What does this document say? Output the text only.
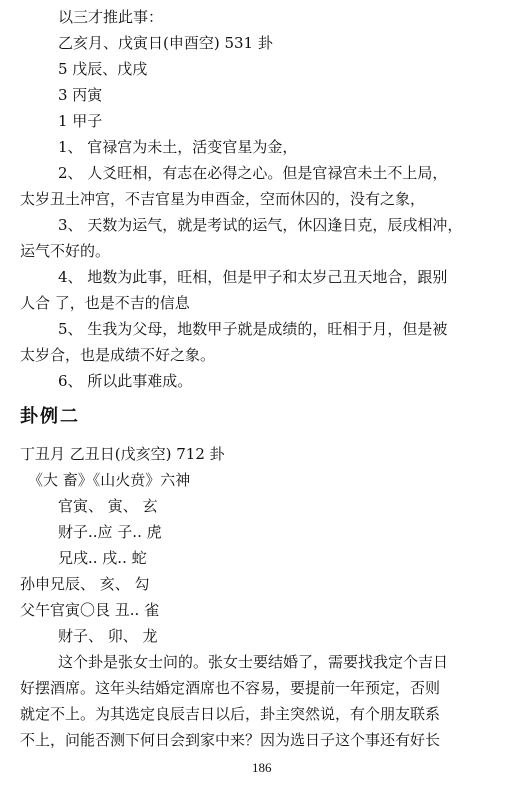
以三才推此事：
乙亥月、戊寅日(申酉空) 531 卦
5 戊辰、戊戌
3 丙寅
1 甲子
1、 官禄宫为未土，活变官星为金，
2、 人爻旺相，有志在必得之心。但是官禄宫未土不上局，
太岁丑土冲宫，不吉官星为申酉金，空而休囚的，没有之象，
3、 天数为运气，就是考试的运气，休囚逢日克，辰戌相冲，
运气不好的。
4、 地数为此事，旺相，但是甲子和太岁己丑天地合，跟别
人合 了，也是不吉的信息
5、 生我为父母，地数甲子就是成绩的，旺相于月，但是被
太岁合，也是成绩不好之象。
6、 所以此事难成。
卦例二
丁丑月 乙丑日(戊亥空) 712 卦
《大 畜》《山火贲》六神
官寅、 寅、 玄
财子..应 子.. 虎
兄戌.. 戌.. 蛇
孙申兄辰、 亥、 勾
父午官寅〇艮 丑.. 雀
财子、 卯、 龙
这个卦是张女士问的。张女士要结婚了，需要找我定个吉日
好摆酒席。这年头结婚定酒席也不容易，要提前一年预定，否则
就定不上。为其选定良辰吉日以后，卦主突然说，有个朋友联系
不上，问能否测下何日会到家中来？因为选日子这个事还有好长
186
